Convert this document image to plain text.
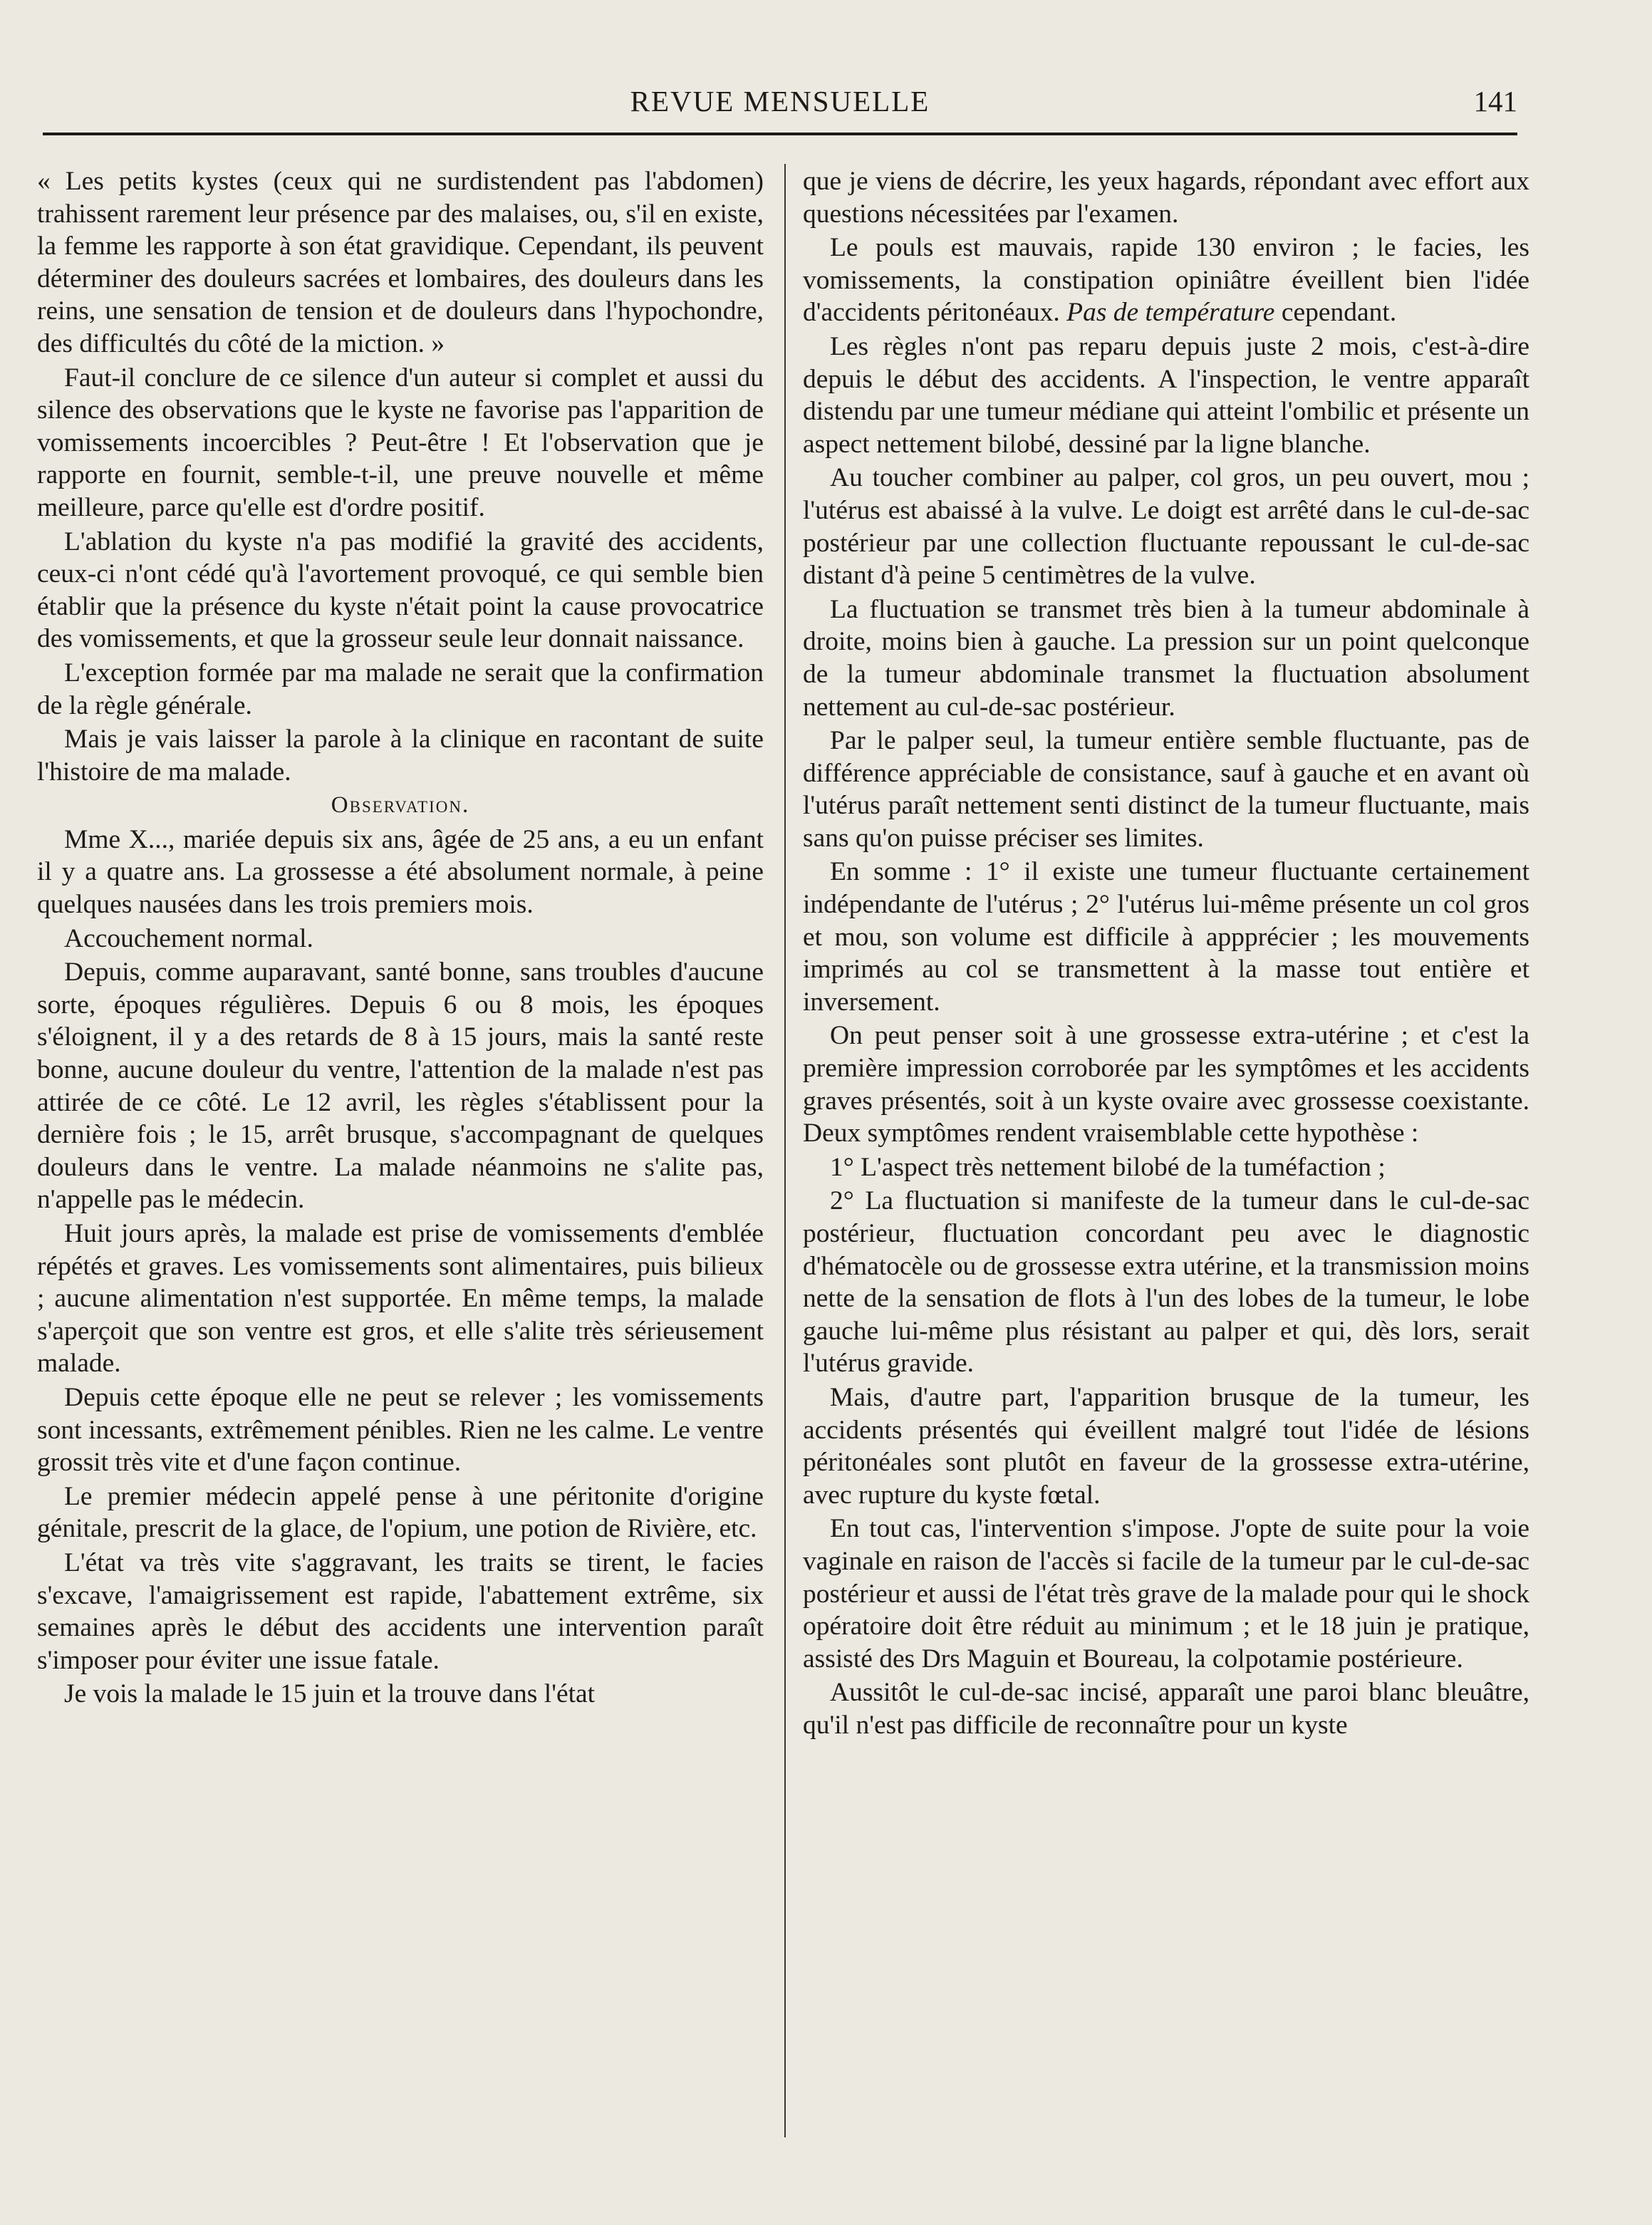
REVUE MENSUELLE	141

« Les petits kystes (ceux qui ne surdistendent pas l'abdomen) trahissent rarement leur présence par des malaises, ou, s'il en existe, la femme les rapporte à son état gravidique. Cependant, ils peuvent déterminer des douleurs sacrées et lombaires, des douleurs dans les reins, une sensation de tension et de douleurs dans l'hypochondre, des difficultés du côté de la miction. »

Faut-il conclure de ce silence d'un auteur si complet et aussi du silence des observations que le kyste ne favorise pas l'apparition de vomissements incoercibles ? Peut-être ! Et l'observation que je rapporte en fournit, semble-t-il, une preuve nouvelle et même meilleure, parce qu'elle est d'ordre positif.

L'ablation du kyste n'a pas modifié la gravité des accidents, ceux-ci n'ont cédé qu'à l'avortement provoqué, ce qui semble bien établir que la présence du kyste n'était point la cause provocatrice des vomissements, et que la grosseur seule leur donnait naissance.

L'exception formée par ma malade ne serait que la confirmation de la règle générale.

Mais je vais laisser la parole à la clinique en racontant de suite l'histoire de ma malade.

Observation.

Mme X..., mariée depuis six ans, âgée de 25 ans, a eu un enfant il y a quatre ans. La grossesse a été absolument normale, à peine quelques nausées dans les trois premiers mois.

Accouchement normal.

Depuis, comme auparavant, santé bonne, sans troubles d'aucune sorte, époques régulières. Depuis 6 ou 8 mois, les époques s'éloignent, il y a des retards de 8 à 15 jours, mais la santé reste bonne, aucune douleur du ventre, l'attention de la malade n'est pas attirée de ce côté. Le 12 avril, les règles s'établissent pour la dernière fois ; le 15, arrêt brusque, s'accompagnant de quelques douleurs dans le ventre. La malade néanmoins ne s'alite pas, n'appelle pas le médecin.

Huit jours après, la malade est prise de vomissements d'emblée répétés et graves. Les vomissements sont alimentaires, puis bilieux ; aucune alimentation n'est supportée. En même temps, la malade s'aperçoit que son ventre est gros, et elle s'alite très sérieusement malade.

Depuis cette époque elle ne peut se relever ; les vomissements sont incessants, extrêmement pénibles. Rien ne les calme. Le ventre grossit très vite et d'une façon continue.

Le premier médecin appelé pense à une péritonite d'origine génitale, prescrit de la glace, de l'opium, une potion de Rivière, etc.

L'état va très vite s'aggravant, les traits se tirent, le facies s'excave, l'amaigrissement est rapide, l'abattement extrême, six semaines après le début des accidents une intervention paraît s'imposer pour éviter une issue fatale.

Je vois la malade le 15 juin et la trouve dans l'état

que je viens de décrire, les yeux hagards, répondant avec effort aux questions nécessitées par l'examen.

Le pouls est mauvais, rapide 130 environ ; le facies, les vomissements, la constipation opiniâtre éveillent bien l'idée d'accidents péritonéaux. Pas de température cependant.

Les règles n'ont pas reparu depuis juste 2 mois, c'est-à-dire depuis le début des accidents. A l'inspection, le ventre apparaît distendu par une tumeur médiane qui atteint l'ombilic et présente un aspect nettement bilobé, dessiné par la ligne blanche.

Au toucher combiner au palper, col gros, un peu ouvert, mou ; l'utérus est abaissé à la vulve. Le doigt est arrêté dans le cul-de-sac postérieur par une collection fluctuante repoussant le cul-de-sac distant d'à peine 5 centimètres de la vulve.

La fluctuation se transmet très bien à la tumeur abdominale à droite, moins bien à gauche. La pression sur un point quelconque de la tumeur abdominale transmet la fluctuation absolument nettement au cul-de-sac postérieur.

Par le palper seul, la tumeur entière semble fluctuante, pas de différence appréciable de consistance, sauf à gauche et en avant où l'utérus paraît nettement senti distinct de la tumeur fluctuante, mais sans qu'on puisse préciser ses limites.

En somme : 1° il existe une tumeur fluctuante certainement indépendante de l'utérus ; 2° l'utérus lui-même présente un col gros et mou, son volume est difficile à appprécier ; les mouvements imprimés au col se transmettent à la masse tout entière et inversement.

On peut penser soit à une grossesse extra-utérine ; et c'est la première impression corroborée par les symptômes et les accidents graves présentés, soit à un kyste ovaire avec grossesse coexistante. Deux symptômes rendent vraisemblable cette hypothèse :

1° L'aspect très nettement bilobé de la tuméfaction ;

2° La fluctuation si manifeste de la tumeur dans le cul-de-sac postérieur, fluctuation concordant peu avec le diagnostic d'hématocèle ou de grossesse extra utérine, et la transmission moins nette de la sensation de flots à l'un des lobes de la tumeur, le lobe gauche lui-même plus résistant au palper et qui, dès lors, serait l'utérus gravide.

Mais, d'autre part, l'apparition brusque de la tumeur, les accidents présentés qui éveillent malgré tout l'idée de lésions péritonéales sont plutôt en faveur de la grossesse extra-utérine, avec rupture du kyste fœtal.

En tout cas, l'intervention s'impose. J'opte de suite pour la voie vaginale en raison de l'accès si facile de la tumeur par le cul-de-sac postérieur et aussi de l'état très grave de la malade pour qui le shock opératoire doit être réduit au minimum ; et le 18 juin je pratique, assisté des Drs Maguin et Boureau, la colpotamie postérieure.

Aussitôt le cul-de-sac incisé, apparaît une paroi blanc bleuâtre, qu'il n'est pas difficile de reconnaître pour un kyste
